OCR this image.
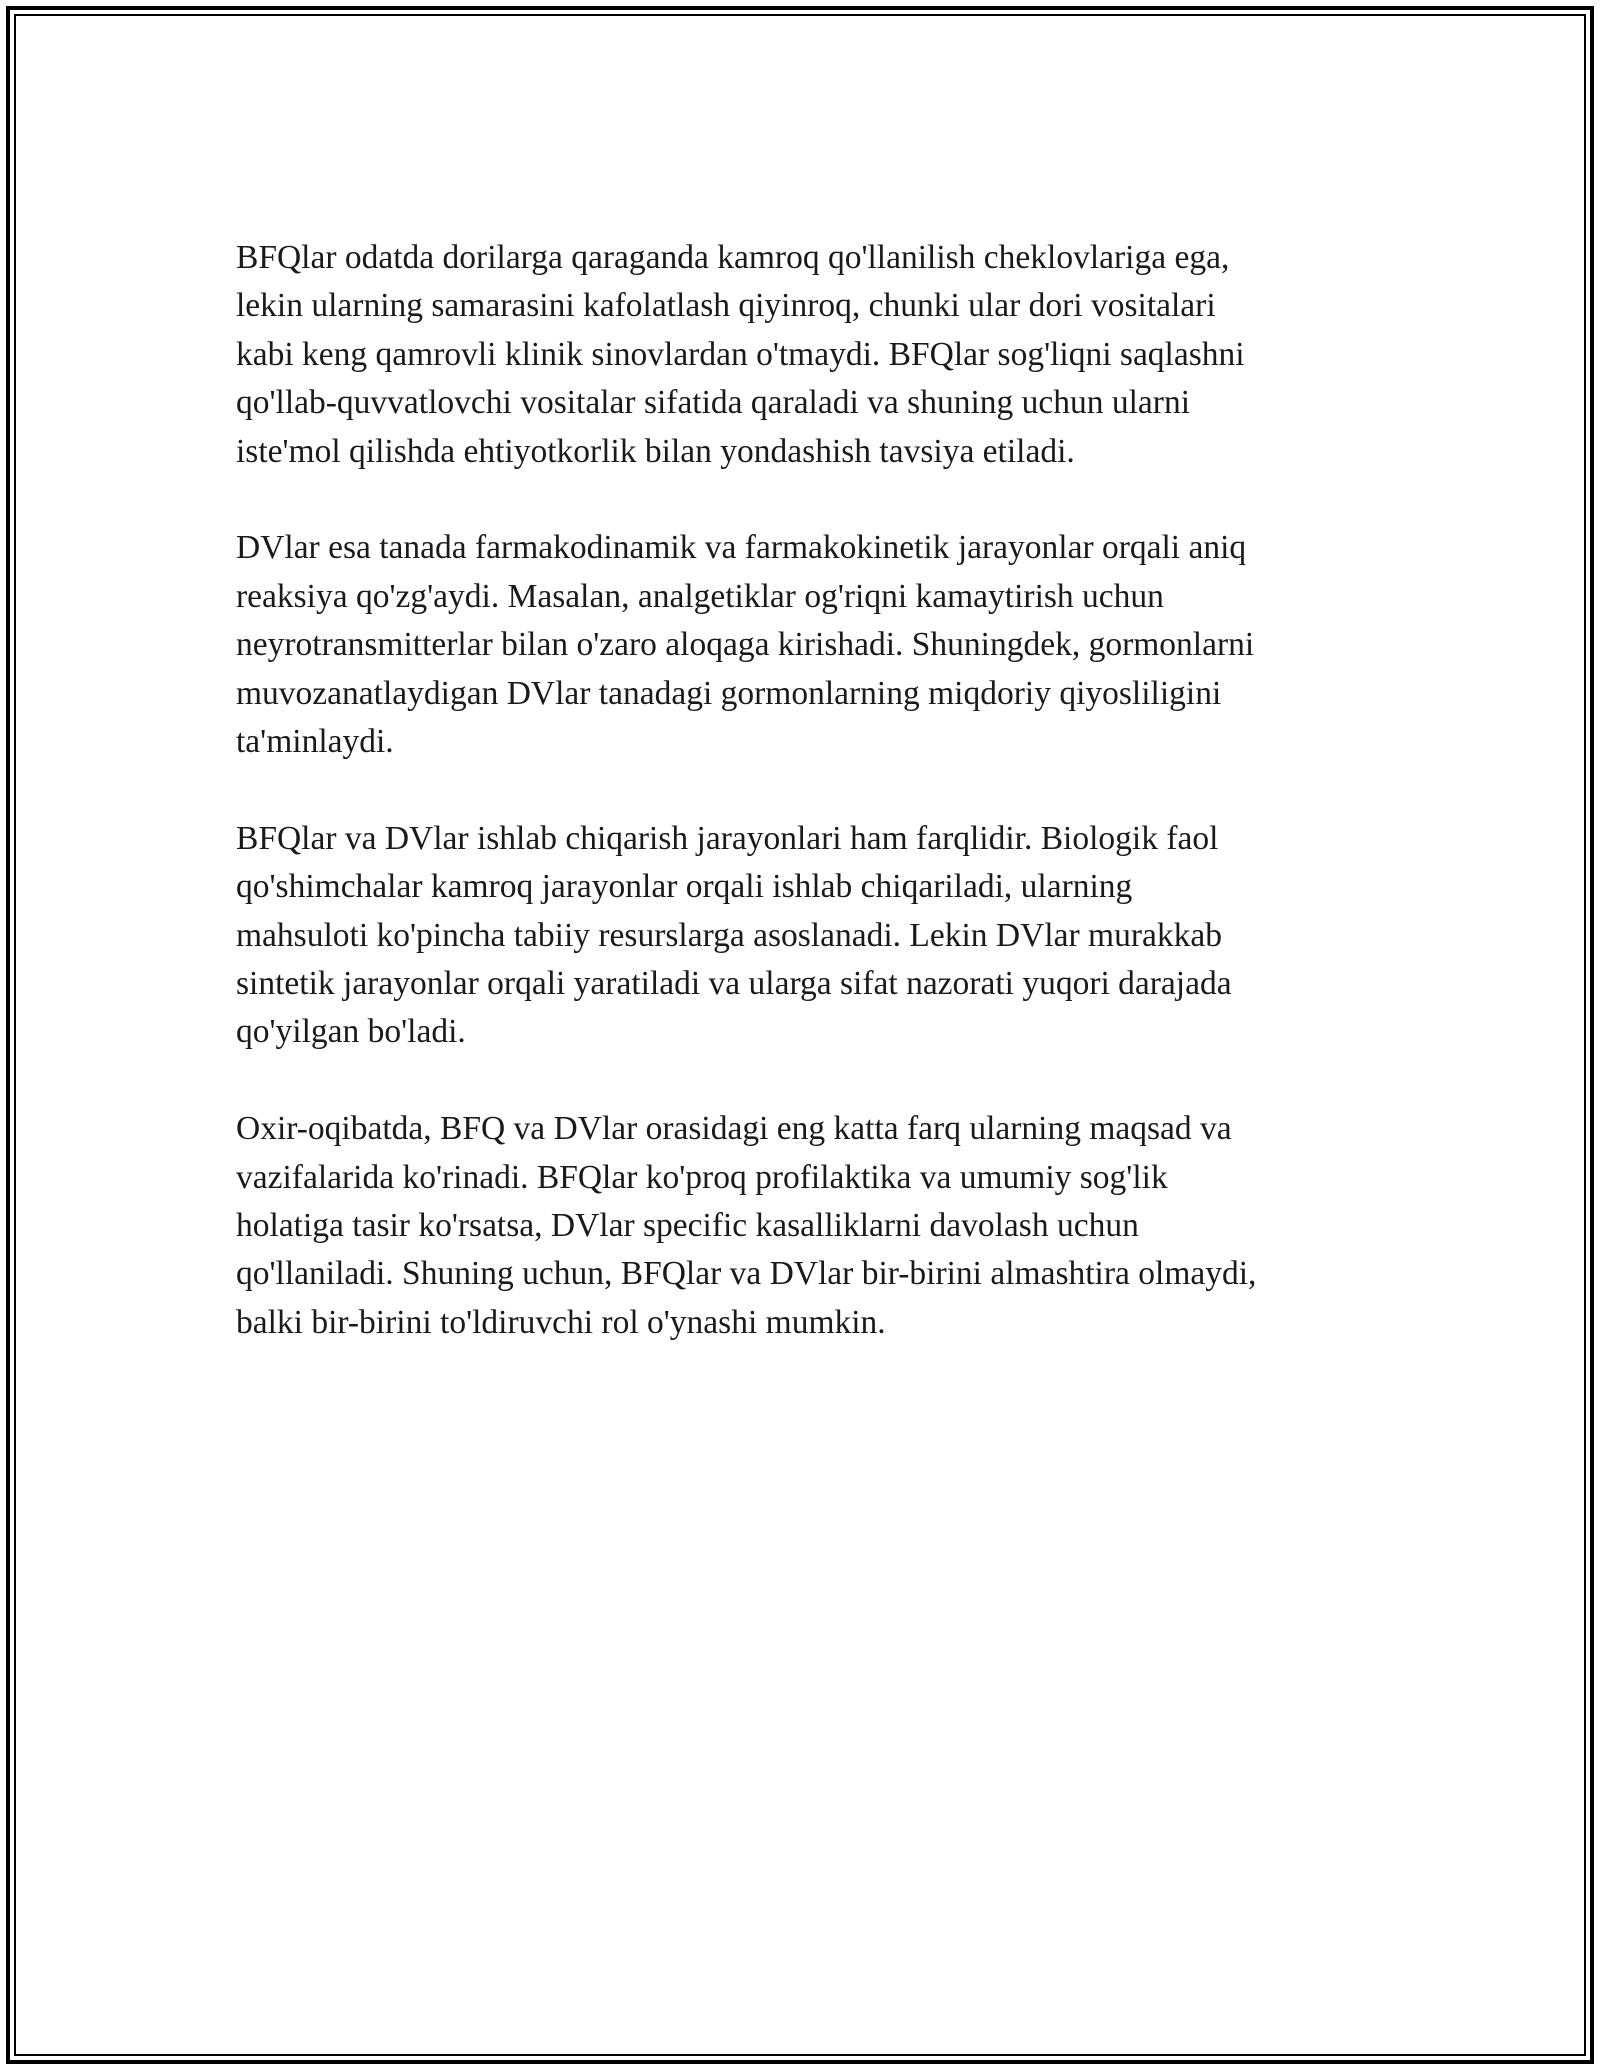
BFQlar odatda dorilarga qaraganda kamroq qo'llanilish cheklovlariga ega,
lekin ularning samarasini kafolatlash qiyinroq, chunki ular dori vositalari
kabi keng qamrovli klinik sinovlardan o'tmaydi. BFQlar sog'liqni saqlashni
qo'llab-quvvatlovchi vositalar sifatida qaraladi va shuning uchun ularni
iste'mol qilishda ehtiyotkorlik bilan yondashish tavsiya etiladi.

DVlar esa tanada farmakodinamik va farmakokinetik jarayonlar orqali aniq
reaksiya qo'zg'aydi. Masalan, analgetiklar og'riqni kamaytirish uchun
neyrotransmitterlar bilan o'zaro aloqaga kirishadi. Shuningdek, gormonlarni
muvozanatlaydigan DVlar tanadagi gormonlarning miqdoriy qiyosliligini
ta'minlaydi.

BFQlar va DVlar ishlab chiqarish jarayonlari ham farqlidir. Biologik faol
qo'shimchalar kamroq jarayonlar orqali ishlab chiqariladi, ularning
mahsuloti ko'pincha tabiiy resurslarga asoslanadi. Lekin DVlar murakkab
sintetik jarayonlar orqali yaratiladi va ularga sifat nazorati yuqori darajada
qo'yilgan bo'ladi.

Oxir-oqibatda, BFQ va DVlar orasidagi eng katta farq ularning maqsad va
vazifalarida ko'rinadi. BFQlar ko'proq profilaktika va umumiy sog'lik
holatiga tasir ko'rsatsa, DVlar specific kasalliklarni davolash uchun
qo'llaniladi. Shuning uchun, BFQlar va DVlar bir-birini almashtira olmaydi,
balki bir-birini to'ldiruvchi rol o'ynashi mumkin.
